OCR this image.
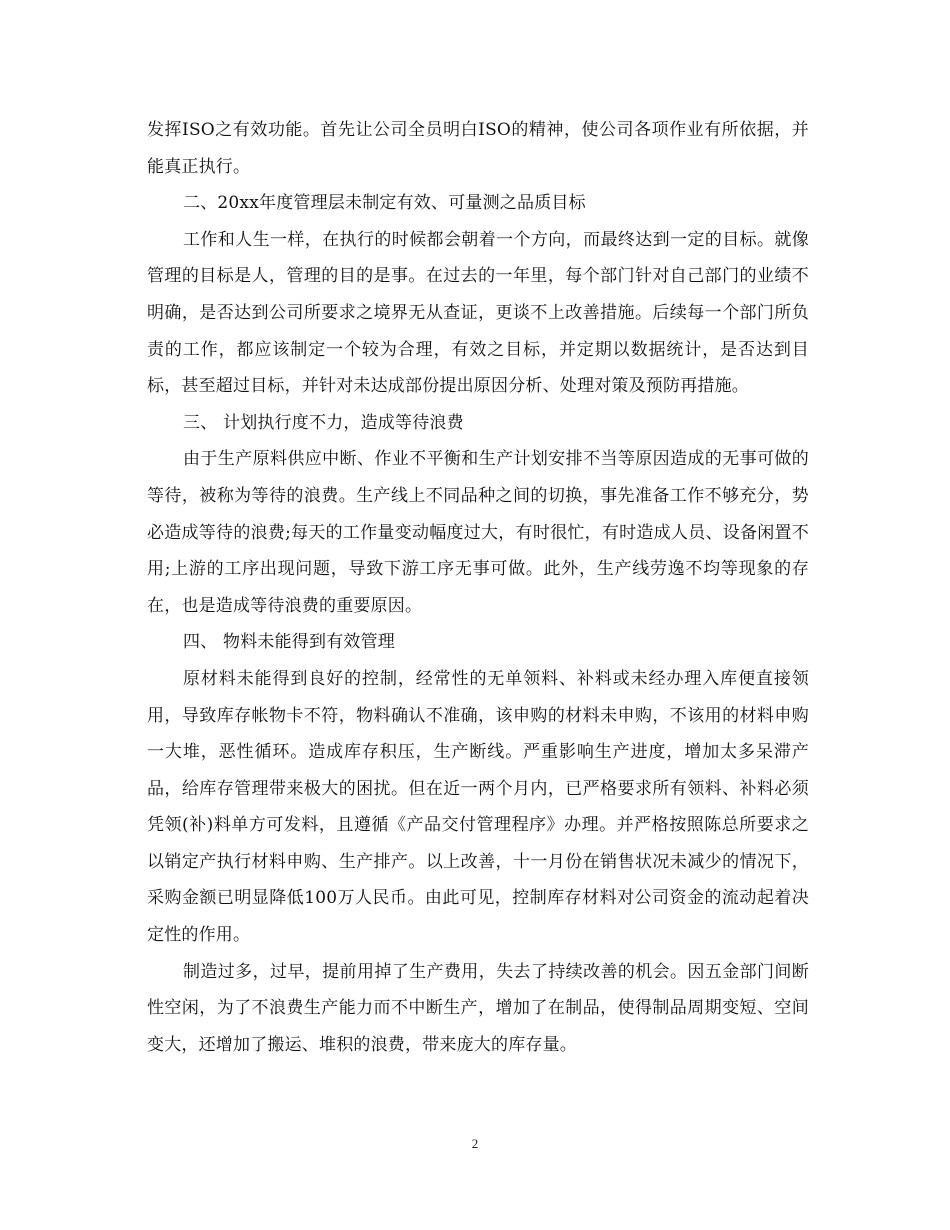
发挥ISO之有效功能。首先让公司全员明白ISO的精神，使公司各项作业有所依据，并能真正执行。

二、20xx年度管理层未制定有效、可量测之品质目标

工作和人生一样，在执行的时候都会朝着一个方向，而最终达到一定的目标。就像管理的目标是人，管理的目的是事。在过去的一年里，每个部门针对自己部门的业绩不明确，是否达到公司所要求之境界无从查证，更谈不上改善措施。后续每一个部门所负责的工作，都应该制定一个较为合理，有效之目标，并定期以数据统计，是否达到目标，甚至超过目标，并针对未达成部份提出原因分析、处理对策及预防再措施。

三、 计划执行度不力，造成等待浪费

由于生产原料供应中断、作业不平衡和生产计划安排不当等原因造成的无事可做的等待，被称为等待的浪费。生产线上不同品种之间的切换，事先准备工作不够充分，势必造成等待的浪费;每天的工作量变动幅度过大，有时很忙，有时造成人员、设备闲置不用;上游的工序出现问题，导致下游工序无事可做。此外，生产线劳逸不均等现象的存在，也是造成等待浪费的重要原因。

四、 物料未能得到有效管理

原材料未能得到良好的控制，经常性的无单领料、补料或未经办理入库便直接领用，导致库存帐物卡不符，物料确认不准确，该申购的材料未申购，不该用的材料申购一大堆，恶性循环。造成库存积压，生产断线。严重影响生产进度，增加太多呆滞产品，给库存管理带来极大的困扰。但在近一两个月内，已严格要求所有领料、补料必须凭领(补)料单方可发料，且遵循《产品交付管理程序》办理。并严格按照陈总所要求之以销定产执行材料申购、生产排产。以上改善，十一月份在销售状况未减少的情况下，采购金额已明显降低100万人民币。由此可见，控制库存材料对公司资金的流动起着决定性的作用。

制造过多，过早，提前用掉了生产费用，失去了持续改善的机会。因五金部门间断性空闲，为了不浪费生产能力而不中断生产，增加了在制品，使得制品周期变短、空间变大，还增加了搬运、堆积的浪费，带来庞大的库存量。

2
